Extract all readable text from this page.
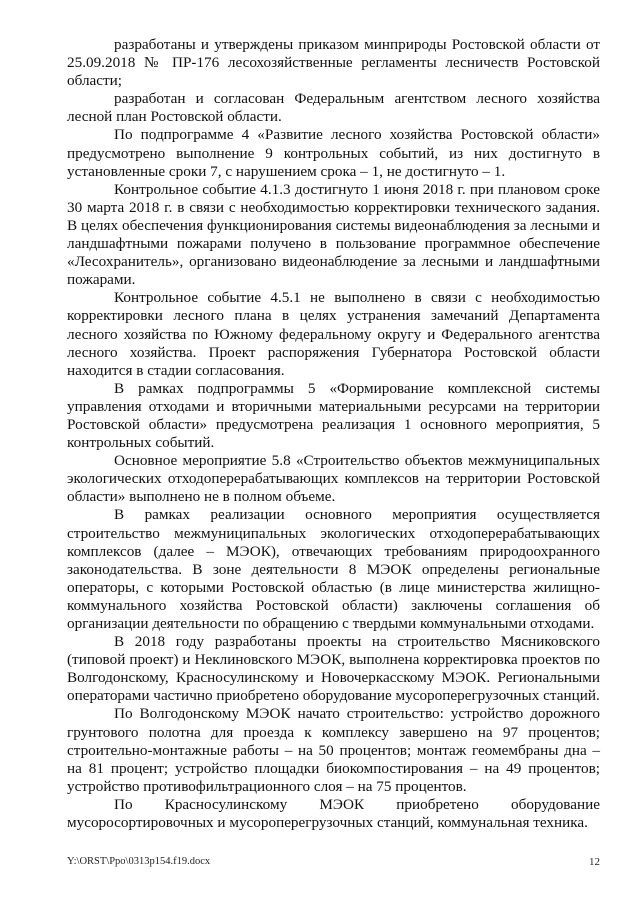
разработаны и утверждены приказом минприроды Ростовской области от 25.09.2018 № ПР-176 лесохозяйственные регламенты лесничеств Ростовской области;

разработан и согласован Федеральным агентством лесного хозяйства лесной план Ростовской области.

По подпрограмме 4 «Развитие лесного хозяйства Ростовской области» предусмотрено выполнение 9 контрольных событий, из них достигнуто в установленные сроки 7, с нарушением срока – 1, не достигнуто – 1.

Контрольное событие 4.1.3 достигнуто 1 июня 2018 г. при плановом сроке 30 марта 2018 г. в связи с необходимостью корректировки технического задания. В целях обеспечения функционирования системы видеонаблюдения за лесными и ландшафтными пожарами получено в пользование программное обеспечение «Лесохранитель», организовано видеонаблюдение за лесными и ландшафтными пожарами.

Контрольное событие 4.5.1 не выполнено в связи с необходимостью корректировки лесного плана в целях устранения замечаний Департамента лесного хозяйства по Южному федеральному округу и Федерального агентства лесного хозяйства. Проект распоряжения Губернатора Ростовской области находится в стадии согласования.

В рамках подпрограммы 5 «Формирование комплексной системы управления отходами и вторичными материальными ресурсами на территории Ростовской области» предусмотрена реализация 1 основного мероприятия, 5 контрольных событий.

Основное мероприятие 5.8 «Строительство объектов межмуниципальных экологических отходоперерабатывающих комплексов на территории Ростовской области» выполнено не в полном объеме.

В рамках реализации основного мероприятия осуществляется строительство межмуниципальных экологических отходоперерабатывающих комплексов (далее – МЭОК), отвечающих требованиям природоохранного законодательства. В зоне деятельности 8 МЭОК определены региональные операторы, с которыми Ростовской областью (в лице министерства жилищно-коммунального хозяйства Ростовской области) заключены соглашения об организации деятельности по обращению с твердыми коммунальными отходами.

В 2018 году разработаны проекты на строительство Мясниковского (типовой проект) и Неклиновского МЭОК, выполнена корректировка проектов по Волгодонскому, Красносулинскому и Новочеркасскому МЭОК. Региональными операторами частично приобретено оборудование мусороперегрузочных станций.

По Волгодонскому МЭОК начато строительство: устройство дорожного грунтового полотна для проезда к комплексу завершено на 97 процентов; строительно-монтажные работы – на 50 процентов; монтаж геомембраны дна – на 81 процент; устройство площадки биокомпостирования – на 49 процентов; устройство противофильтрационного слоя – на 75 процентов.

По Красносулинскому МЭОК приобретено оборудование мусоросортировочных и мусороперегрузочных станций, коммунальная техника.

Y:\ORST\Ppo\0313p154.f19.docx	12
